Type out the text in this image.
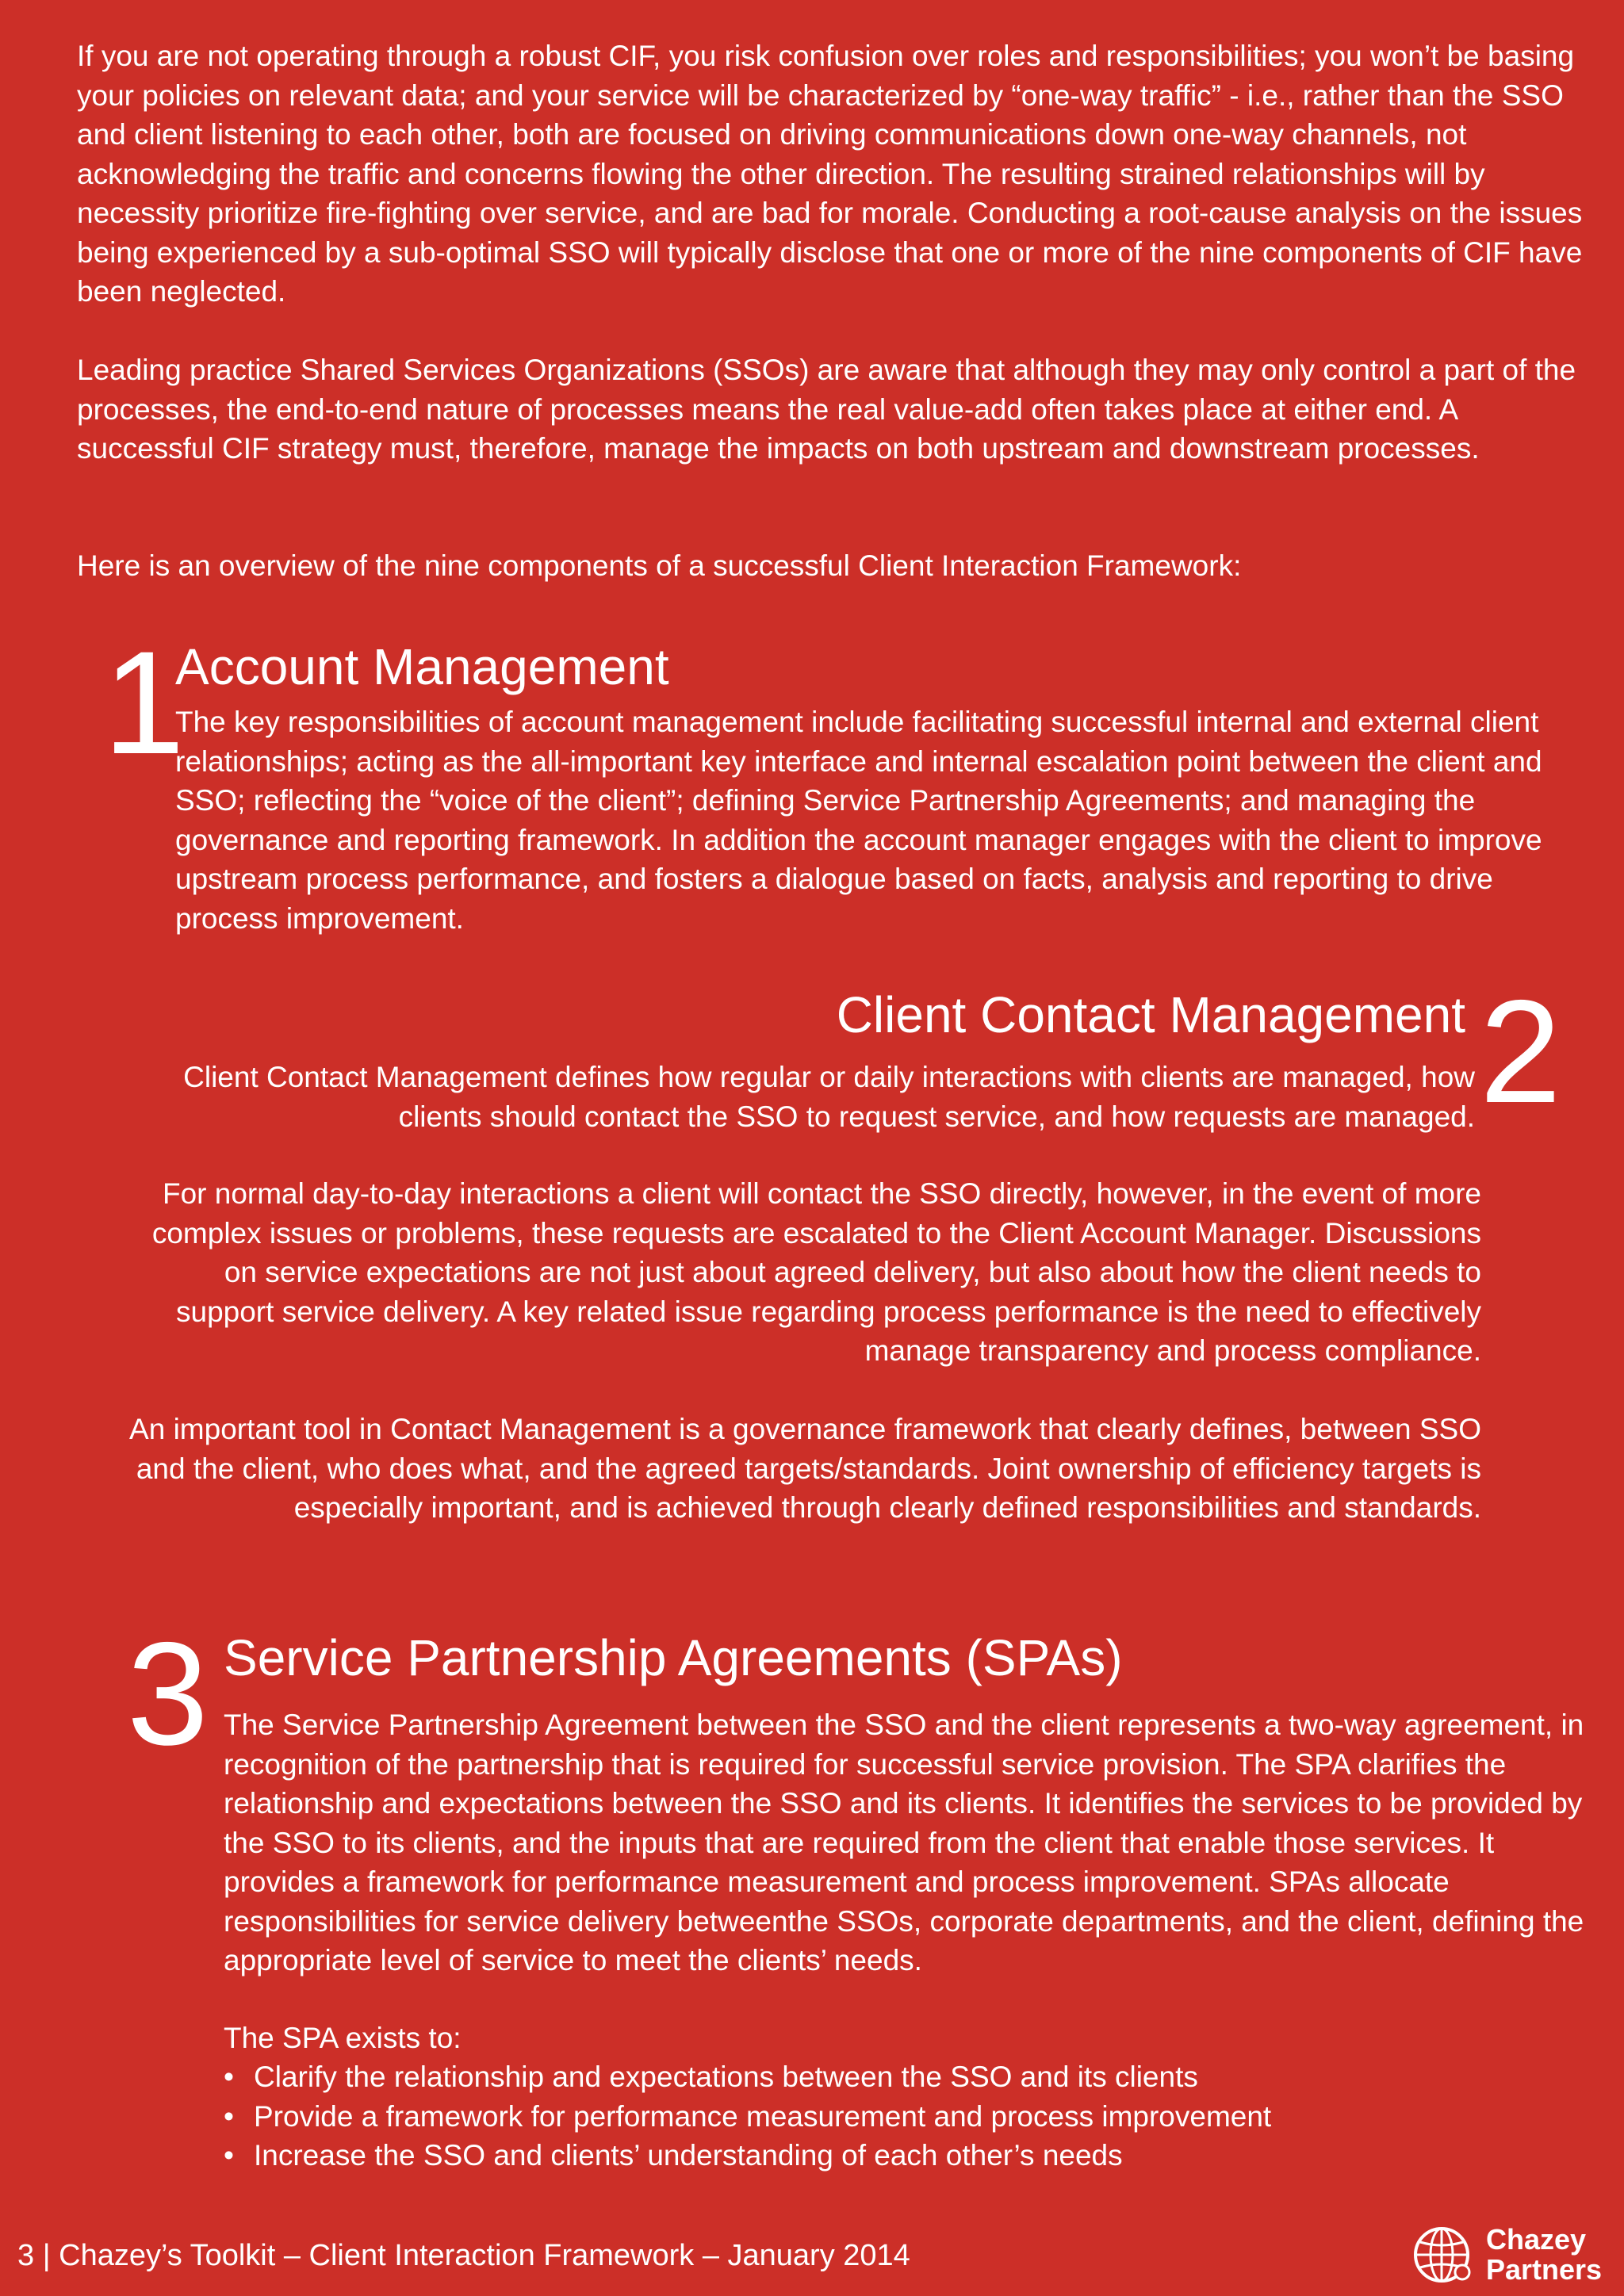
If you are not operating through a robust CIF, you risk confusion over roles and responsibilities; you won’t be basing your policies on relevant data; and your service will be characterized by “one-way traffic” - i.e., rather than the SSO and client listening to each other, both are focused on driving communications down one-way channels, not acknowledging the traffic and concerns flowing the other direction. The resulting strained relationships will by necessity prioritize fire-fighting over service, and are bad for morale. Conducting a root-cause analysis on the issues being experienced by a sub-optimal SSO will typically disclose that one or more of the nine components of CIF have been neglected.

Leading practice Shared Services Organizations (SSOs) are aware that although they may only control a part of the processes, the end-to-end nature of processes means the real value-add often takes place at either end. A successful CIF strategy must, therefore, manage the impacts on both upstream and downstream processes.

Here is an overview of the nine components of a successful Client Interaction Framework:

1
Account Management

The key responsibilities of account management include facilitating successful internal and external client relationships; acting as the all-important key interface and internal escalation point between the client and SSO; reflecting the “voice of the client”; defining Service Partnership Agreements; and managing the governance and reporting framework. In addition the account manager engages with the client to improve upstream process performance, and fosters a dialogue based on facts, analysis and reporting to drive process improvement.

Client Contact Management 2

Client Contact Management defines how regular or daily interactions with clients are managed, how clients should contact the SSO to request service, and how requests are managed.

For normal day-to-day interactions a client will contact the SSO directly, however, in the event of more complex issues or problems, these requests are escalated to the Client Account Manager. Discussions on service expectations are not just about agreed delivery, but also about how the client needs to support service delivery. A key related issue regarding process performance is the need to effectively manage transparency and process compliance.

An important tool in Contact Management is a governance framework that clearly defines, between SSO and the client, who does what, and the agreed targets/standards. Joint ownership of efficiency targets is especially important, and is achieved through clearly defined responsibilities and standards.

3 Service Partnership Agreements (SPAs)

The Service Partnership Agreement between the SSO and the client represents a two-way agreement, in recognition of the partnership that is required for successful service provision. The SPA clarifies the relationship and expectations between the SSO and its clients. It identifies the services to be provided by the SSO to its clients, and the inputs that are required from the client that enable those services. It provides a framework for performance measurement and process improvement. SPAs allocate responsibilities for service delivery betweenthe SSOs, corporate departments, and the client, defining the appropriate level of service to meet the clients’ needs.

The SPA exists to:

• Clarify the relationship and expectations between the SSO and its clients
• Provide a framework for performance measurement and process improvement
• Increase the SSO and clients’ understanding of each other’s needs
3 | Chazey’s Toolkit – Client Interaction Framework – January 2014	Chazey
Partners
